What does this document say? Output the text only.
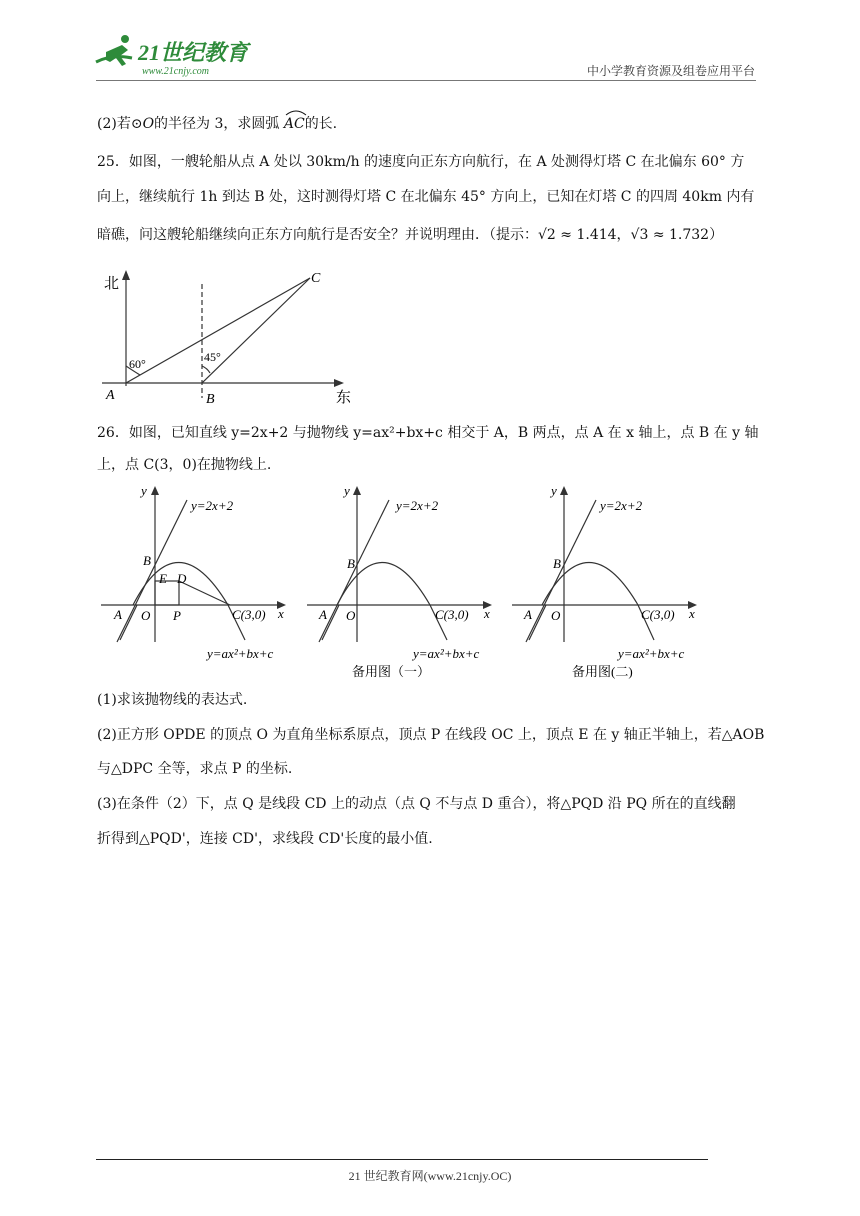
21世纪教育
www.21cnjy.com	中小学教育资源及组卷应用平台
(2)若⊙O的半径为 3，求圆弧 AC的长.
25．如图，一艘轮船从点 A 处以 30km/h 的速度向正东方向航行，在 A 处测得灯塔 C 在北偏东 60° 方
向上，继续航行 1h 到达 B 处，这时测得灯塔 C 在北偏东 45° 方向上，已知在灯塔 C 的四周 40km 内有
暗礁，问这艘轮船继续向正东方向航行是否安全？并说明理由．（提示：√2 ≈ 1.414，√3 ≈ 1.732）
北
东
A	B
C
60°	45°
26．如图，已知直线 y=2x+2 与抛物线 y=ax²+bx+c 相交于 A，B 两点，点 A 在 x 轴上，点 B 在 y 轴
上，点 C(3，0)在抛物线上.
y
x
y=2x+2
B
E D
A O P	C(3,0)
y=ax²+bx+c
y
x
y=2x+2
B
A O	C(3,0)
y=ax²+bx+c
备用图（一）
y
x
y=2x+2
B
A O	C(3,0)
y=ax²+bx+c
备用图(二)
(1)求该抛物线的表达式.
(2)正方形 OPDE 的顶点 O 为直角坐标系原点，顶点 P 在线段 OC 上，顶点 E 在 y 轴正半轴上，若△AOB
与△DPC 全等，求点 P 的坐标.
(3)在条件（2）下，点 Q 是线段 CD 上的动点（点 Q 不与点 D 重合），将△PQD 沿 PQ 所在的直线翻
折得到△PQD'，连接 CD'，求线段 CD'长度的最小值.
21 世纪教育网(www.21cnjy.OC)
